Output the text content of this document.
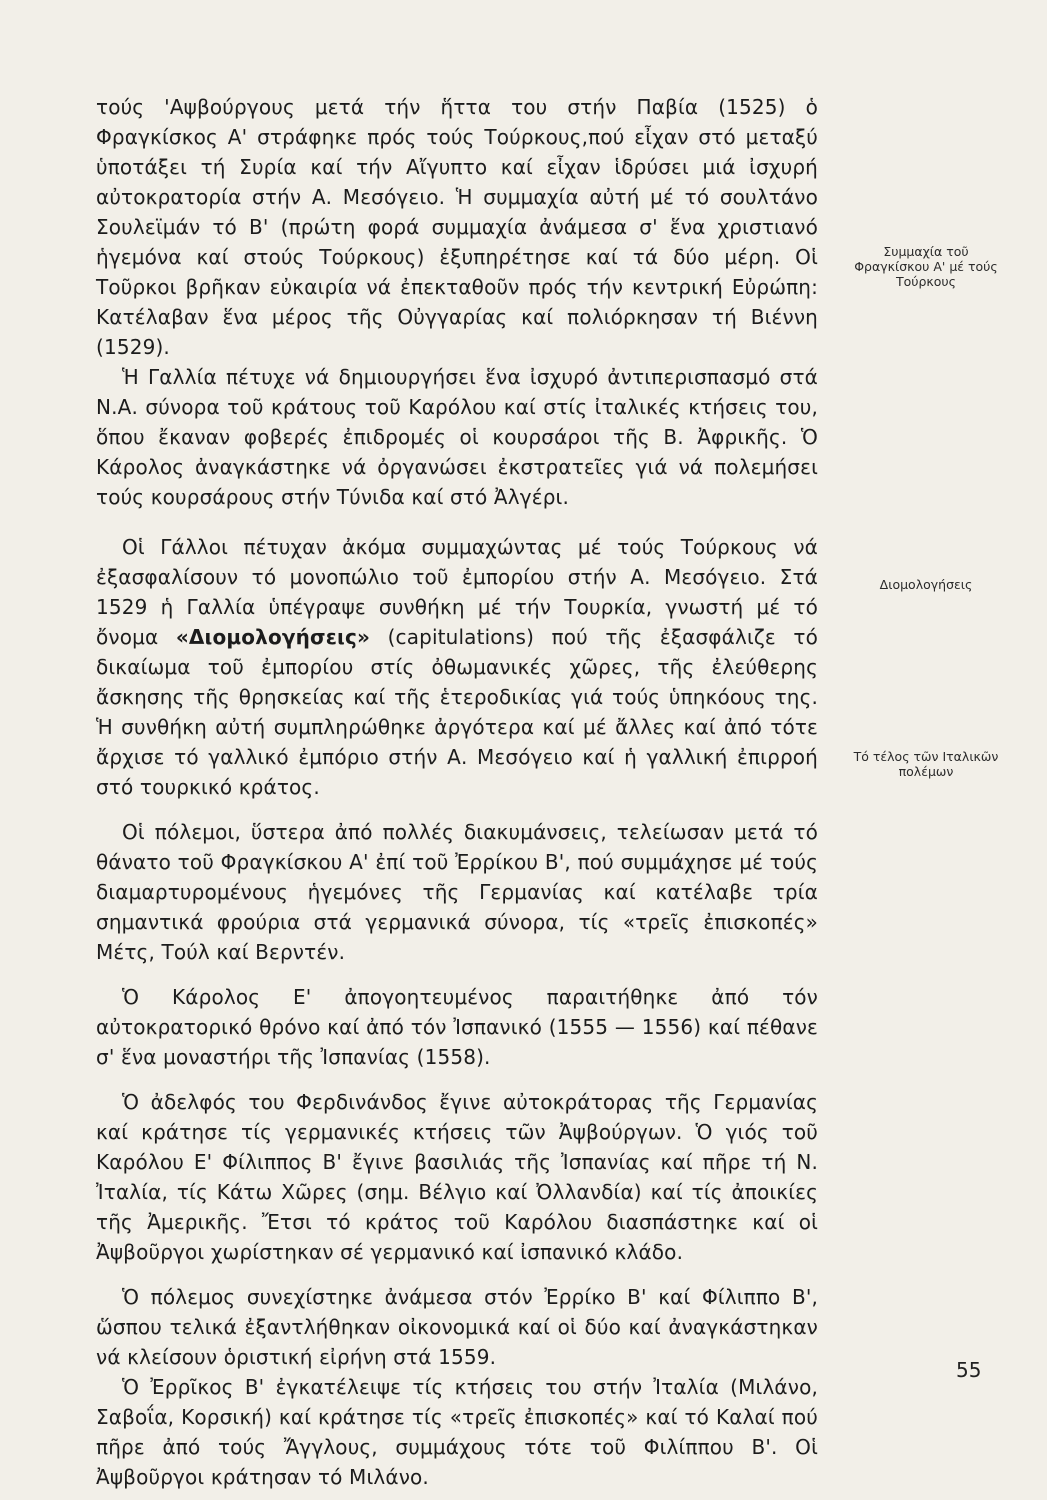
τούς 'Αψβούργους μετά τήν ἥττα του στήν Παβία (1525) ὁ Φραγκίσκος Α' στράφηκε πρός τούς Τούρκους,πού εἶχαν στό μεταξύ ὑποτάξει τή Συρία καί τήν Αἴγυπτο καί εἶχαν ἱδρύσει μιά ἰσχυρή αὐτοκρατορία στήν Α. Μεσόγειο. Ἡ συμμαχία αὐτή μέ τό σουλτάνο Σουλεϊμάν τό Β' (πρώτη φορά συμμαχία ἀνάμεσα σ' ἕνα χριστιανό ἡγεμόνα καί στούς Τούρκους) ἐξυπηρέτησε καί τά δύο μέρη. Οἱ Τοῦρκοι βρῆκαν εὐκαιρία νά ἐπεκταθοῦν πρός τήν κεντρική Εὐρώπη: Κατέλαβαν ἕνα μέρος τῆς Οὐγγαρίας καί πολιόρκησαν τή Βιέννη (1529).

Ἡ Γαλλία πέτυχε νά δημιουργήσει ἕνα ἰσχυρό ἀντιπερισπασμό στά Ν.Α. σύνορα τοῦ κράτους τοῦ Καρόλου καί στίς ἰταλικές κτήσεις του, ὅπου ἔκαναν φοβερές ἐπιδρομές οἱ κουρσάροι τῆς Β. Ἀφρικῆς. Ὁ Κάρολος ἀναγκάστηκε νά ὀργανώσει ἐκστρατεῖες γιά νά πολεμήσει τούς κουρσάρους στήν Τύνιδα καί στό Ἀλγέρι.

Οἱ Γάλλοι πέτυχαν ἀκόμα συμμαχώντας μέ τούς Τούρκους νά ἐξασφαλίσουν τό μονοπώλιο τοῦ ἐμπορίου στήν Α. Μεσόγειο. Στά 1529 ἡ Γαλλία ὑπέγραψε συνθήκη μέ τήν Τουρκία, γνωστή μέ τό ὄνομα «Διομολογήσεις» (capitulations) πού τῆς ἐξασφάλιζε τό δικαίωμα τοῦ ἐμπορίου στίς ὀθωμανικές χῶρες, τῆς ἐλεύθερης ἄσκησης τῆς θρησκείας καί τῆς ἑτεροδικίας γιά τούς ὑπηκόους της. Ἡ συνθήκη αὐτή συμπληρώθηκε ἀργότερα καί μέ ἄλλες καί ἀπό τότε ἄρχισε τό γαλλικό ἐμπόριο στήν Α. Μεσόγειο καί ἡ γαλλική ἐπιρροή στό τουρκικό κράτος.

Οἱ πόλεμοι, ὕστερα ἀπό πολλές διακυμάνσεις, τελείωσαν μετά τό θάνατο τοῦ Φραγκίσκου Α' ἐπί τοῦ Ἐρρίκου Β', πού συμμάχησε μέ τούς διαμαρτυρομένους ἡγεμόνες τῆς Γερμανίας καί κατέλαβε τρία σημαντικά φρούρια στά γερμανικά σύνορα, τίς «τρεῖς ἐπισκοπές» Μέτς, Τούλ καί Βερντέν.

Ὁ Κάρολος Ε' ἀπογοητευμένος παραιτήθηκε ἀπό τόν αὐτοκρατορικό θρόνο καί ἀπό τόν Ἰσπανικό (1555 — 1556) καί πέθανε σ' ἕνα μοναστήρι τῆς Ἰσπανίας (1558).

Ὁ ἀδελφός του Φερδινάνδος ἔγινε αὐτοκράτορας τῆς Γερμανίας καί κράτησε τίς γερμανικές κτήσεις τῶν Ἀψβούργων. Ὁ γιός τοῦ Καρόλου Ε' Φίλιππος Β' ἔγινε βασιλιάς τῆς Ἰσπανίας καί πῆρε τή Ν. Ἰταλία, τίς Κάτω Χῶρες (σημ. Βέλγιο καί Ὀλλανδία) καί τίς ἀποικίες τῆς Ἀμερικῆς. Ἔτσι τό κράτος τοῦ Καρόλου διασπάστηκε καί οἱ Ἀψβοῦργοι χωρίστηκαν σέ γερμανικό καί ἰσπανικό κλάδο.

Ὁ πόλεμος συνεχίστηκε ἀνάμεσα στόν Ἐρρίκο Β' καί Φίλιππο Β', ὥσπου τελικά ἐξαντλήθηκαν οἰκονομικά καί οἱ δύο καί ἀναγκάστηκαν νά κλείσουν ὁριστική εἰρήνη στά 1559.

Ὁ Ἐρρῖκος Β' ἐγκατέλειψε τίς κτήσεις του στήν Ἰταλία (Μιλάνο, Σαβοΐα, Κορσική) καί κράτησε τίς «τρεῖς ἐπισκοπές» καί τό Καλαί πού πῆρε ἀπό τούς Ἄγγλους, συμμάχους τότε τοῦ Φιλίππου Β'. Οἱ Ἀψβοῦργοι κράτησαν τό Μιλάνο.

Συμμαχία τοῦ Φραγκίσκου Α' μέ τούς Τούρκους
Διομολογήσεις
Τό τέλος τῶν Ιταλικῶν πολέμων
55
